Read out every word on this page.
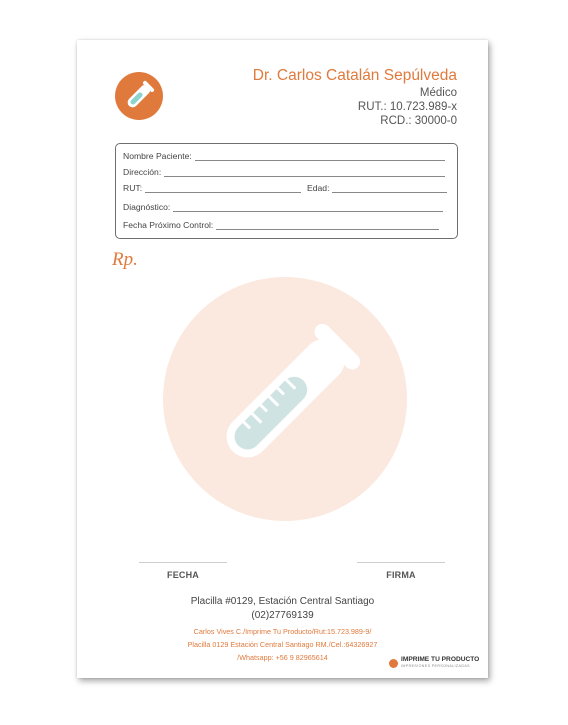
Dr. Carlos Catalán Sepúlveda
Médico
RUT.: 10.723.989-x
RCD.: 30000-0
Nombre Paciente:
Dirección:
RUT:	Edad:
Diagnóstico:
Fecha Próximo Control:
Rp.
FECHA	FIRMA
Placilla #0129, Estación Central Santiago
(02)27769139
Carlos Vives C./Imprime Tu Producto/Rut:15.723.989-9/
Placilla 0129 Estación Central Santiago RM./Cel.:64326927
/Whatsapp: +56 9 82965614	IMPRIME TU PRODUCTO
IMPRESIONES PERSONALIZADAS
